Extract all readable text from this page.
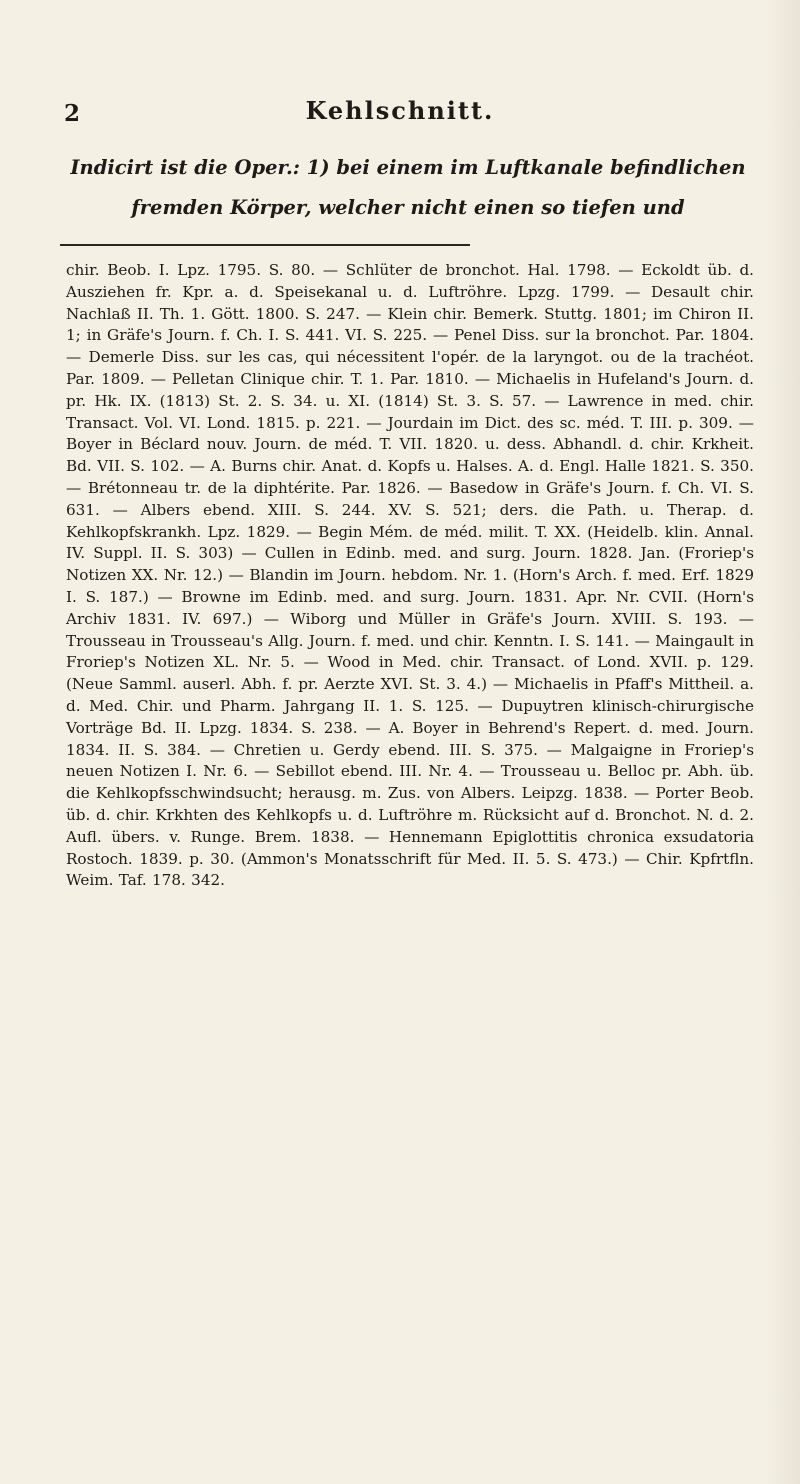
2	Kehlschnitt.
Indicirt ist die Oper.: 1) bei einem im Luftkanale befindlichen fremden Körper, welcher nicht einen so tiefen und
chir. Beob. I. Lpz. 1795. S. 80. — Schlüter de bronchot. Hal. 1798. — Eckoldt üb. d. Ausziehen fr. Kpr. a. d. Speisekanal u. d. Luftröhre. Lpzg. 1799. — Desault chir. Nachlaß II. Th. 1. Gött. 1800. S. 247. — Klein chir. Bemerk. Stuttg. 1801; im Chiron II. 1; in Gräfe's Journ. f. Ch. I. S. 441. VI. S. 225. — Penel Diss. sur la bronchot. Par. 1804. — Demerle Diss. sur les cas, qui nécessitent l'opér. de la laryngot. ou de la trachéot. Par. 1809. — Pelletan Clinique chir. T. 1. Par. 1810. — Michaelis in Hufeland's Journ. d. pr. Hk. IX. (1813) St. 2. S. 34. u. XI. (1814) St. 3. S. 57. — Lawrence in med. chir. Transact. Vol. VI. Lond. 1815. p. 221. — Jourdain im Dict. des sc. méd. T. III. p. 309. — Boyer in Béclard nouv. Journ. de méd. T. VII. 1820. u. dess. Abhandl. d. chir. Krkheit. Bd. VII. S. 102. — A. Burns chir. Anat. d. Kopfs u. Halses. A. d. Engl. Halle 1821. S. 350. — Brétonneau tr. de la diphtérite. Par. 1826. — Basedow in Gräfe's Journ. f. Ch. VI. S. 631. — Albers ebend. XIII. S. 244. XV. S. 521; ders. die Path. u. Therap. d. Kehlkopfskrankh. Lpz. 1829. — Begin Mém. de méd. milit. T. XX. (Heidelb. klin. Annal. IV. Suppl. II. S. 303) — Cullen in Edinb. med. and surg. Journ. 1828. Jan. (Froriep's Notizen XX. Nr. 12.) — Blandin im Journ. hebdom. Nr. 1. (Horn's Arch. f. med. Erf. 1829 I. S. 187.) — Browne im Edinb. med. and surg. Journ. 1831. Apr. Nr. CVII. (Horn's Archiv 1831. IV. 697.) — Wiborg und Müller in Gräfe's Journ. XVIII. S. 193. — Trousseau in Trousseau's Allg. Journ. f. med. und chir. Kenntn. I. S. 141. — Maingault in Froriep's Notizen XL. Nr. 5. — Wood in Med. chir. Transact. of Lond. XVII. p. 129. (Neue Samml. auserl. Abh. f. pr. Aerzte XVI. St. 3. 4.) — Michaelis in Pfaff's Mittheil. a. d. Med. Chir. und Pharm. Jahrgang II. 1. S. 125. — Dupuytren klinisch-chirurgische Vorträge Bd. II. Lpzg. 1834. S. 238. — A. Boyer in Behrend's Repert. d. med. Journ. 1834. II. S. 384. — Chretien u. Gerdy ebend. III. S. 375. — Malgaigne in Froriep's neuen Notizen I. Nr. 6. — Sebillot ebend. III. Nr. 4. — Trousseau u. Belloc pr. Abh. üb. die Kehlkopfsschwindsucht; herausg. m. Zus. von Albers. Leipzg. 1838. — Porter Beob. üb. d. chir. Krkhten des Kehlkopfs u. d. Luftröhre m. Rücksicht auf d. Bronchot. N. d. 2. Aufl. übers. v. Runge. Brem. 1838. — Hennemann Epiglottitis chronica exsudatoria Rostoch. 1839. p. 30. (Ammon's Monatsschrift für Med. II. 5. S. 473.) — Chir. Kpfrtfln. Weim. Taf. 178. 342.
